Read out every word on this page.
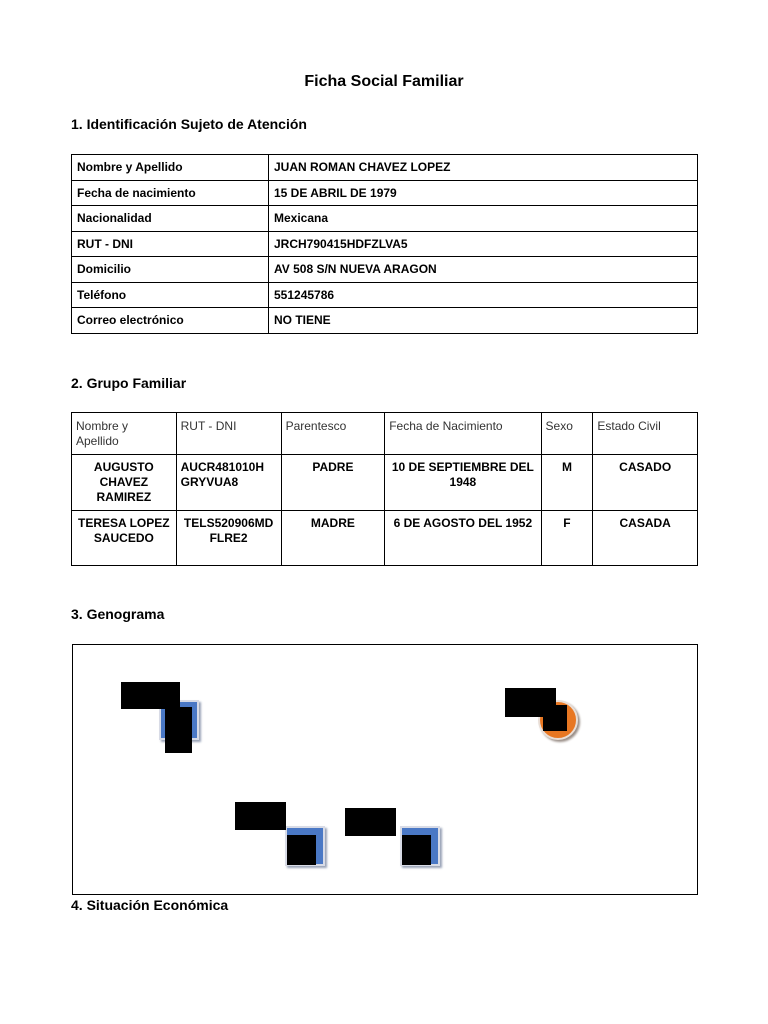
Ficha Social Familiar
1. Identificación Sujeto de Atención
Nombre y Apellido	JUAN ROMAN CHAVEZ LOPEZ
Fecha de nacimiento	15 DE ABRIL DE 1979
Nacionalidad	Mexicana
RUT - DNI	JRCH790415HDFZLVA5
Domicilio	AV 508 S/N NUEVA ARAGON
Teléfono	551245786
Correo electrónico	NO TIENE
2. Grupo Familiar
Nombre y Apellido	RUT - DNI	Parentesco	Fecha de Nacimiento	Sexo	Estado Civil
AUGUSTO CHAVEZ RAMIREZ	AUCR481010H GRYVUA8	PADRE	10 DE SEPTIEMBRE DEL 1948	M	CASADO
TERESA LOPEZ SAUCEDO	TELS520906MD FLRE2	MADRE	6 DE AGOSTO DEL 1952	F	CASADA
3. Genograma
4. Situación Económica
